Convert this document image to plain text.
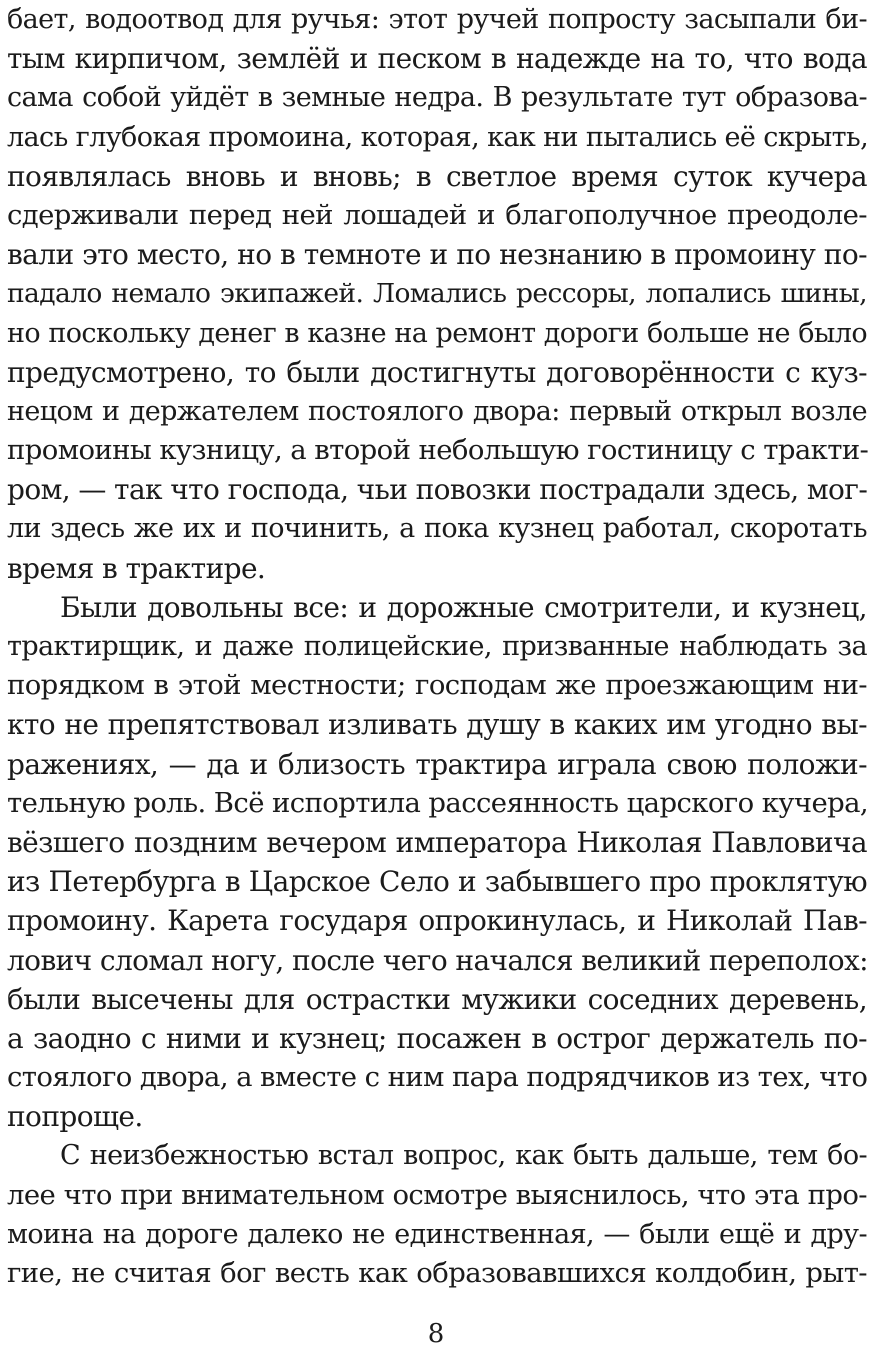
бает, водоотвод для ручья: этот ручей попросту засыпали би-
тым кирпичом, землёй и песком в надежде на то, что вода
сама собой уйдёт в земные недра. В результате тут образова-
лась глубокая промоина, которая, как ни пытались её скрыть,
появлялась вновь и вновь; в светлое время суток кучера
сдерживали перед ней лошадей и благополучное преодоле-
вали это место, но в темноте и по незнанию в промоину по-
падало немало экипажей. Ломались рессоры, лопались шины,
но поскольку денег в казне на ремонт дороги больше не было
предусмотрено, то были достигнуты договорённости с куз-
нецом и держателем постоялого двора: первый открыл возле
промоины кузницу, а второй небольшую гостиницу с тракти-
ром, — так что господа, чьи повозки пострадали здесь, мог-
ли здесь же их и починить, а пока кузнец работал, скоротать
время в трактире.
Были довольны все: и дорожные смотрители, и кузнец,
трактирщик, и даже полицейские, призванные наблюдать за
порядком в этой местности; господам же проезжающим ни-
кто не препятствовал изливать душу в каких им угодно вы-
ражениях, — да и близость трактира играла свою положи-
тельную роль. Всё испортила рассеянность царского кучера,
вёзшего поздним вечером императора Николая Павловича
из Петербурга в Царское Село и забывшего про проклятую
промоину. Карета государя опрокинулась, и Николай Пав-
лович сломал ногу, после чего начался великий переполох:
были высечены для острастки мужики соседних деревень,
а заодно с ними и кузнец; посажен в острог держатель по-
стоялого двора, а вместе с ним пара подрядчиков из тех, что
попроще.
С неизбежностью встал вопрос, как быть дальше, тем бо-
лее что при внимательном осмотре выяснилось, что эта про-
моина на дороге далеко не единственная, — были ещё и дру-
гие, не считая бог весть как образовавшихся колдобин, рыт-
8
